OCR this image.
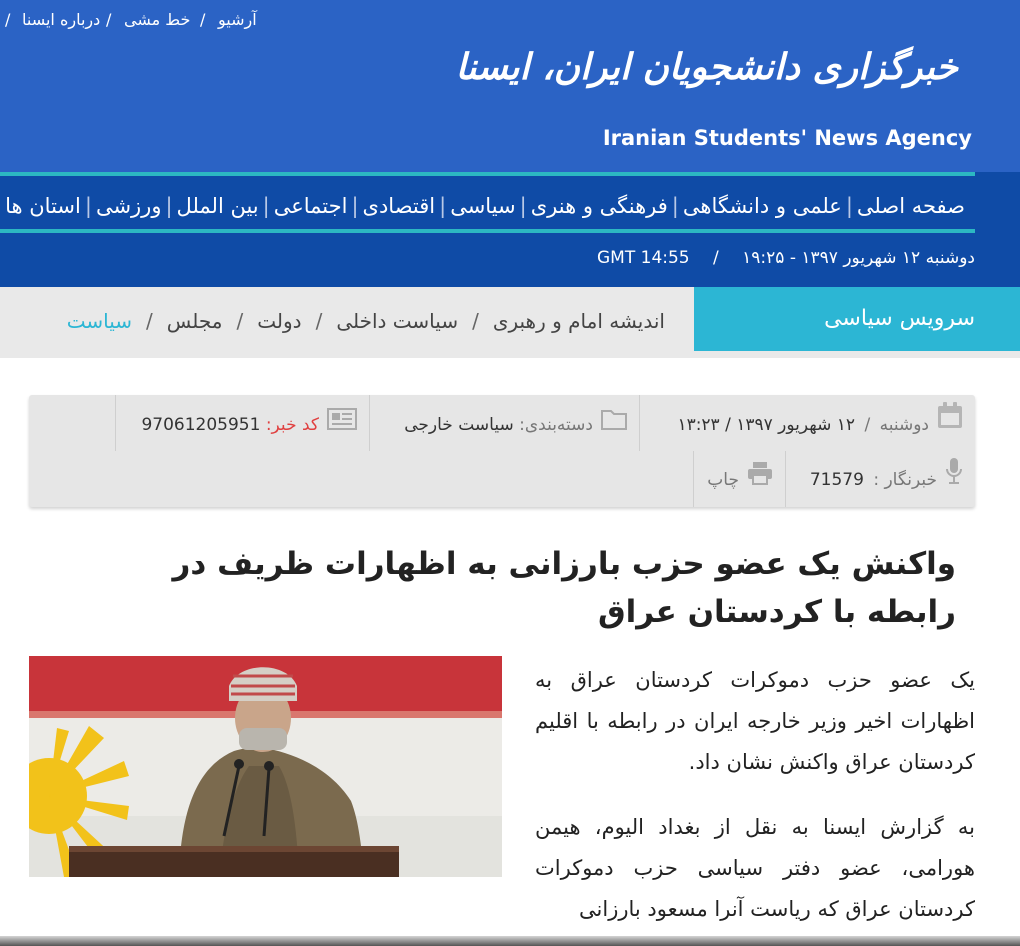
آرشیو
/
خط مشی
/
درباره ایسنا
/
خبرگزاری دانشجویان ایران، ایسنا
Iranian Students' News Agency
صفحه اصلی
|
علمی و دانشگاهی
|
فرهنگی و هنری
|
سیاسی
|
اقتصادی
|
اجتماعی
|
بین الملل
|
ورزشی
|
استان ها
دوشنبه ۱۲ شهریور ۱۳۹۷ - ۱۹:۲۵ / GMT 14:55
سرویس سیاسی
اندیشه امام و رهبری
/
سیاست داخلی
/
دولت
/
مجلس
/
سیاست
دوشنبه / ۱۲ شهریور ۱۳۹۷ / ۱۳:۲۳
دسته‌بندی: سیاست خارجی
کد خبر: 97061205951
خبرنگار : 71579
چاپ
واکنش یک عضو حزب بارزانی به اظهارات ظریف در رابطه با کردستان عراق

یک عضو حزب دموکرات کردستان عراق به اظهارات اخیر وزیر خارجه ایران در رابطه با اقلیم کردستان عراق واکنش نشان داد.

به گزارش ایسنا به نقل از بغداد الیوم، هیمن هورامی، عضو دفتر سیاسی حزب دموکرات کردستان عراق که ریاست آنرا مسعود بارزانی
